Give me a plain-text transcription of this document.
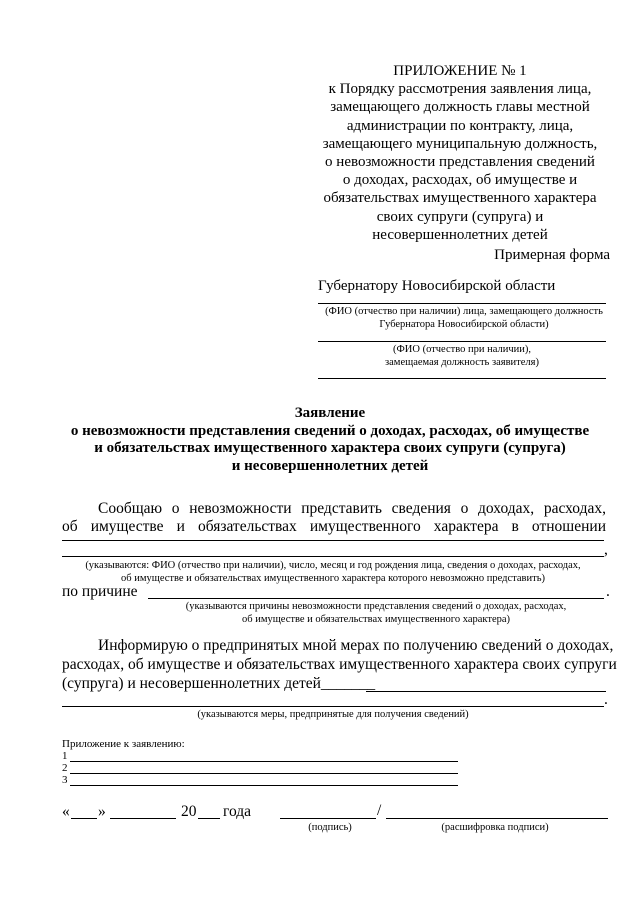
ПРИЛОЖЕНИЕ № 1
к Порядку рассмотрения заявления лица,
замещающего должность главы местной
администрации по контракту, лица,
замещающего муниципальную должность,
о невозможности представления сведений
о доходах, расходах, об имуществе и
обязательствах имущественного характера
своих супруги (супруга) и
несовершеннолетних детей
Примерная форма
Губернатору Новосибирской области
(ФИО (отчество при наличии) лица, замещающего должность
Губернатора Новосибирской области)
(ФИО (отчество при наличии),
замещаемая должность заявителя)
Заявление
о невозможности представления сведений о доходах, расходах, об имуществе
и обязательствах имущественного характера своих супруги (супруга)
и несовершеннолетних детей
Сообщаю о невозможности представить сведения о доходах, расходах,
об имуществе и обязательствах имущественного характера в отношении
,
(указываются: ФИО (отчество при наличии), число, месяц и год рождения лица, сведения о доходах, расходах,
об имуществе и обязательствах имущественного характера которого невозможно представить)
по причине	.
(указываются причины невозможности представления сведений о доходах, расходах,
об имуществе и обязательствах имущественного характера)
Информирую о предпринятых мной мерах по получению сведений о доходах,
расходах, об имуществе и обязательствах имущественного характера своих супруги
(супруга) и несовершеннолетних детей_______
.
(указываются меры, предпринятые для получения сведений)
Приложение к заявлению:
1
2
3
« »	20 года	/
(подпись)	(расшифровка подписи)
